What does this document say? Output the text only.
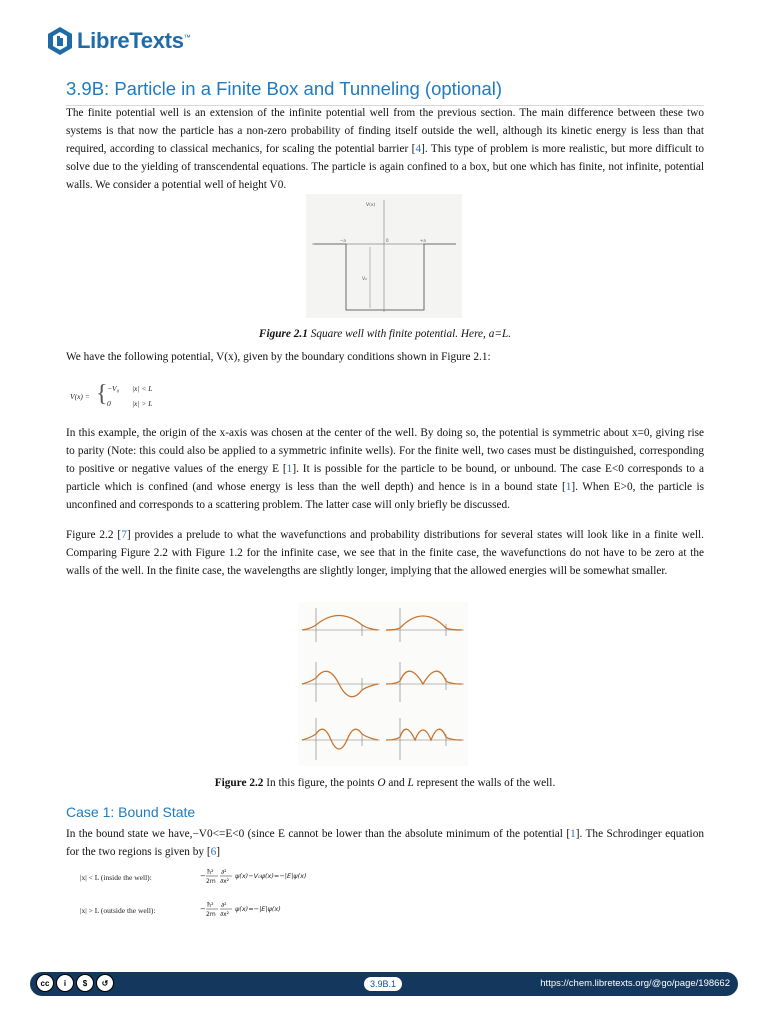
LibreTexts™
3.9B: Particle in a Finite Box and Tunneling (optional)

The finite potential well is an extension of the infinite potential well from the previous section. The main difference between these two systems is that now the particle has a non-zero probability of finding itself outside the well, although its kinetic energy is less than that required, according to classical mechanics, for scaling the potential barrier [4]. This type of problem is more realistic, but more difficult to solve due to the yielding of transcendental equations. The particle is again confined to a box, but one which has finite, not infinite, potential walls. We consider a potential well of height V0.

V(x)
−a	0	+a
V₀

Figure 2.1 Square well with finite potential. Here, a=L.

We have the following potential, V(x), given by the boundary conditions shown in Figure 2.1:

V(x) = { −V₀ |x| < L
0	|x| > L

In this example, the origin of the x-axis was chosen at the center of the well. By doing so, the potential is symmetric about x=0, giving rise to parity (Note: this could also be applied to a symmetric infinite wells). For the finite well, two cases must be distinguished, corresponding to positive or negative values of the energy E [1]. It is possible for the particle to be bound, or unbound. The case E<0 corresponds to a particle which is confined (and whose energy is less than the well depth) and hence is in a bound state [1]. When E>0, the particle is unconfined and corresponds to a scattering problem. The latter case will only briefly be discussed.

Figure 2.2 [7] provides a prelude to what the wavefunctions and probability distributions for several states will look like in a finite well. Comparing Figure 2.2 with Figure 1.2 for the infinite case, we see that in the finite case, the wavefunctions do not have to be zero at the walls of the well. In the finite case, the wavelengths are slightly longer, implying that the allowed energies will be somewhat smaller.

Figure 2.2 In this figure, the points O and L represent the walls of the well.

Case 1: Bound State

In the bound state we have,−V0<=E<0 (since E cannot be lower than the absolute minimum of the potential [1]. The Schrodinger equation for the two regions is given by [6]

|x| < L (inside the well):	− ħ²
2m
∂²
∂x²
ψ(x)−V₀ψ(x)=−|E|ψ(x)
|x| > L (outside the well):	− ħ²
2m
∂²
∂x²
ψ(x)=−|E|ψ(x)
cc	i	$	↺	3.9B.1	https://chem.libretexts.org/@go/page/198662
